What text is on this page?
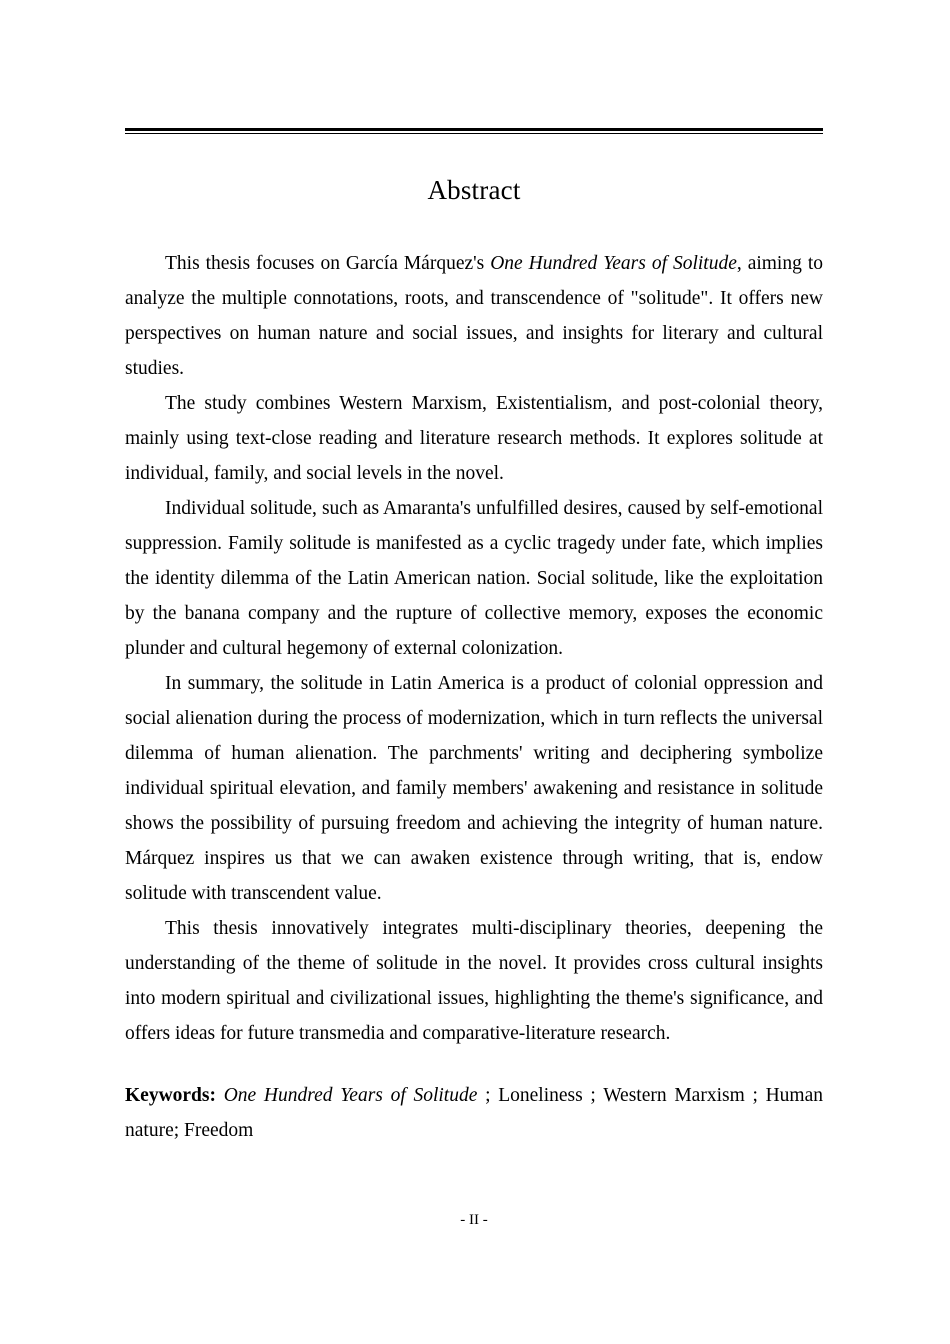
Abstract

This thesis focuses on García Márquez's One Hundred Years of Solitude, aiming to analyze the multiple connotations, roots, and transcendence of "solitude". It offers new perspectives on human nature and social issues, and insights for literary and cultural studies.

The study combines Western Marxism, Existentialism, and post-colonial theory, mainly using text-close reading and literature research methods. It explores solitude at individual, family, and social levels in the novel.

Individual solitude, such as Amaranta's unfulfilled desires, caused by self-emotional suppression. Family solitude is manifested as a cyclic tragedy under fate, which implies the identity dilemma of the Latin American nation. Social solitude, like the exploitation by the banana company and the rupture of collective memory, exposes the economic plunder and cultural hegemony of external colonization.

In summary, the solitude in Latin America is a product of colonial oppression and social alienation during the process of modernization, which in turn reflects the universal dilemma of human alienation. The parchments' writing and deciphering symbolize individual spiritual elevation, and family members' awakening and resistance in solitude shows the possibility of pursuing freedom and achieving the integrity of human nature. Márquez inspires us that we can awaken existence through writing, that is, endow solitude with transcendent value.

This thesis innovatively integrates multi-disciplinary theories, deepening the understanding of the theme of solitude in the novel. It provides cross cultural insights into modern spiritual and civilizational issues, highlighting the theme's significance, and offers ideas for future transmedia and comparative-literature research.

Keywords: One Hundred Years of Solitude ; Loneliness ; Western Marxism ; Human nature; Freedom

- II -
